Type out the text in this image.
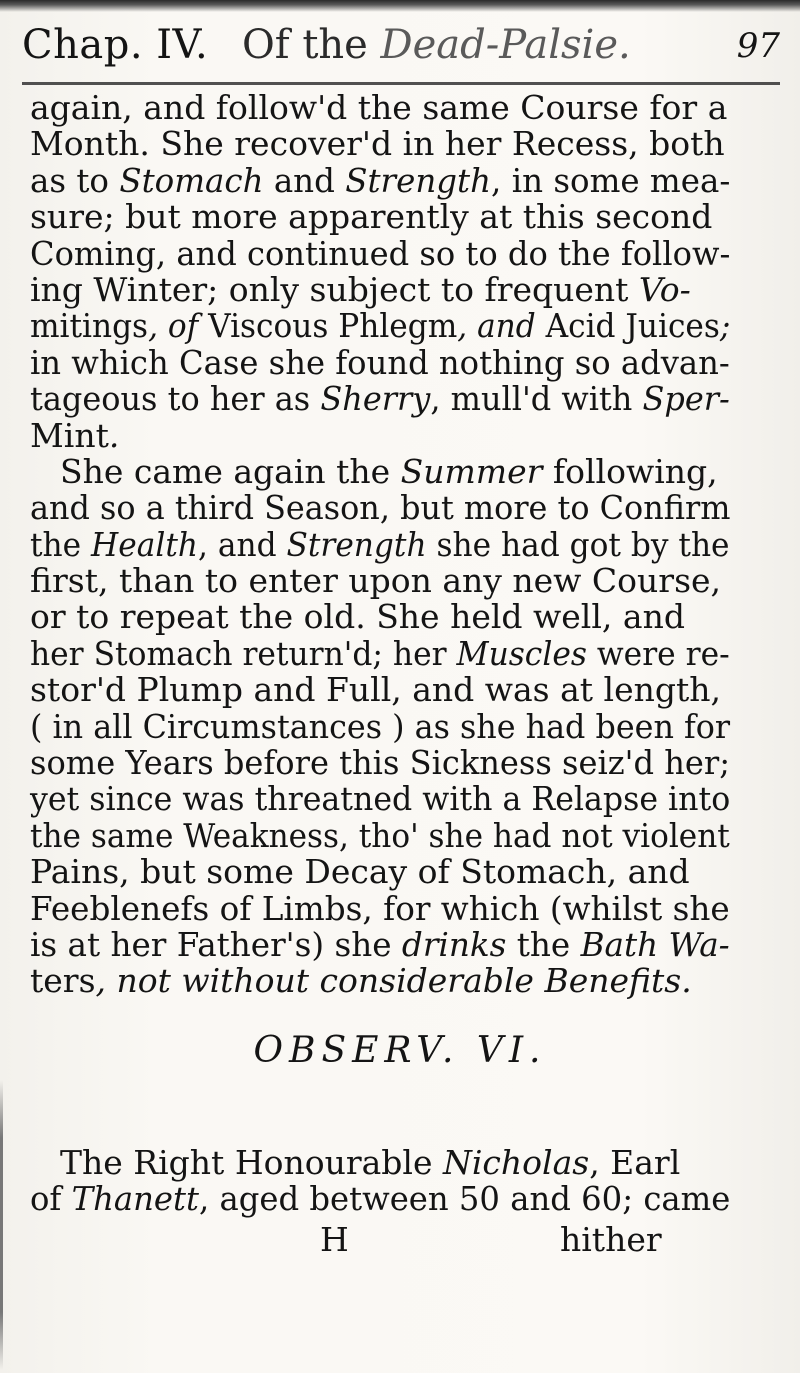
Chap. IV. Of the Dead-Palsie.	97
again, and follow'd the same Course for a
Month. She recover'd in her Recess, both
as to Stomach and Strength, in some mea-
sure; but more apparently at this second
Coming, and continued so to do the follow-
ing Winter; only subject to frequent Vo-
mitings, of Viscous Phlegm, and Acid Juices;
in which Case she found nothing so advan-
tageous to her as Sherry, mull'd with Sper-
Mint.
She came again the Summer following,
and so a third Season, but more to Confirm
the Health, and Strength she had got by the
first, than to enter upon any new Course,
or to repeat the old. She held well, and
her Stomach return'd; her Muscles were re-
stor'd Plump and Full, and was at length,
( in all Circumstances ) as she had been for
some Years before this Sickness seiz'd her;
yet since was threatned with a Relapse into
the same Weakness, tho' she had not violent
Pains, but some Decay of Stomach, and
Feeblenefs of Limbs, for which (whilst she
is at her Father's) she drinks the Bath Wa-
ters, not without considerable Benefits.
OBSERV. VI.
The Right Honourable Nicholas, Earl
of Thanett, aged between 50 and 60; came
H	hither
